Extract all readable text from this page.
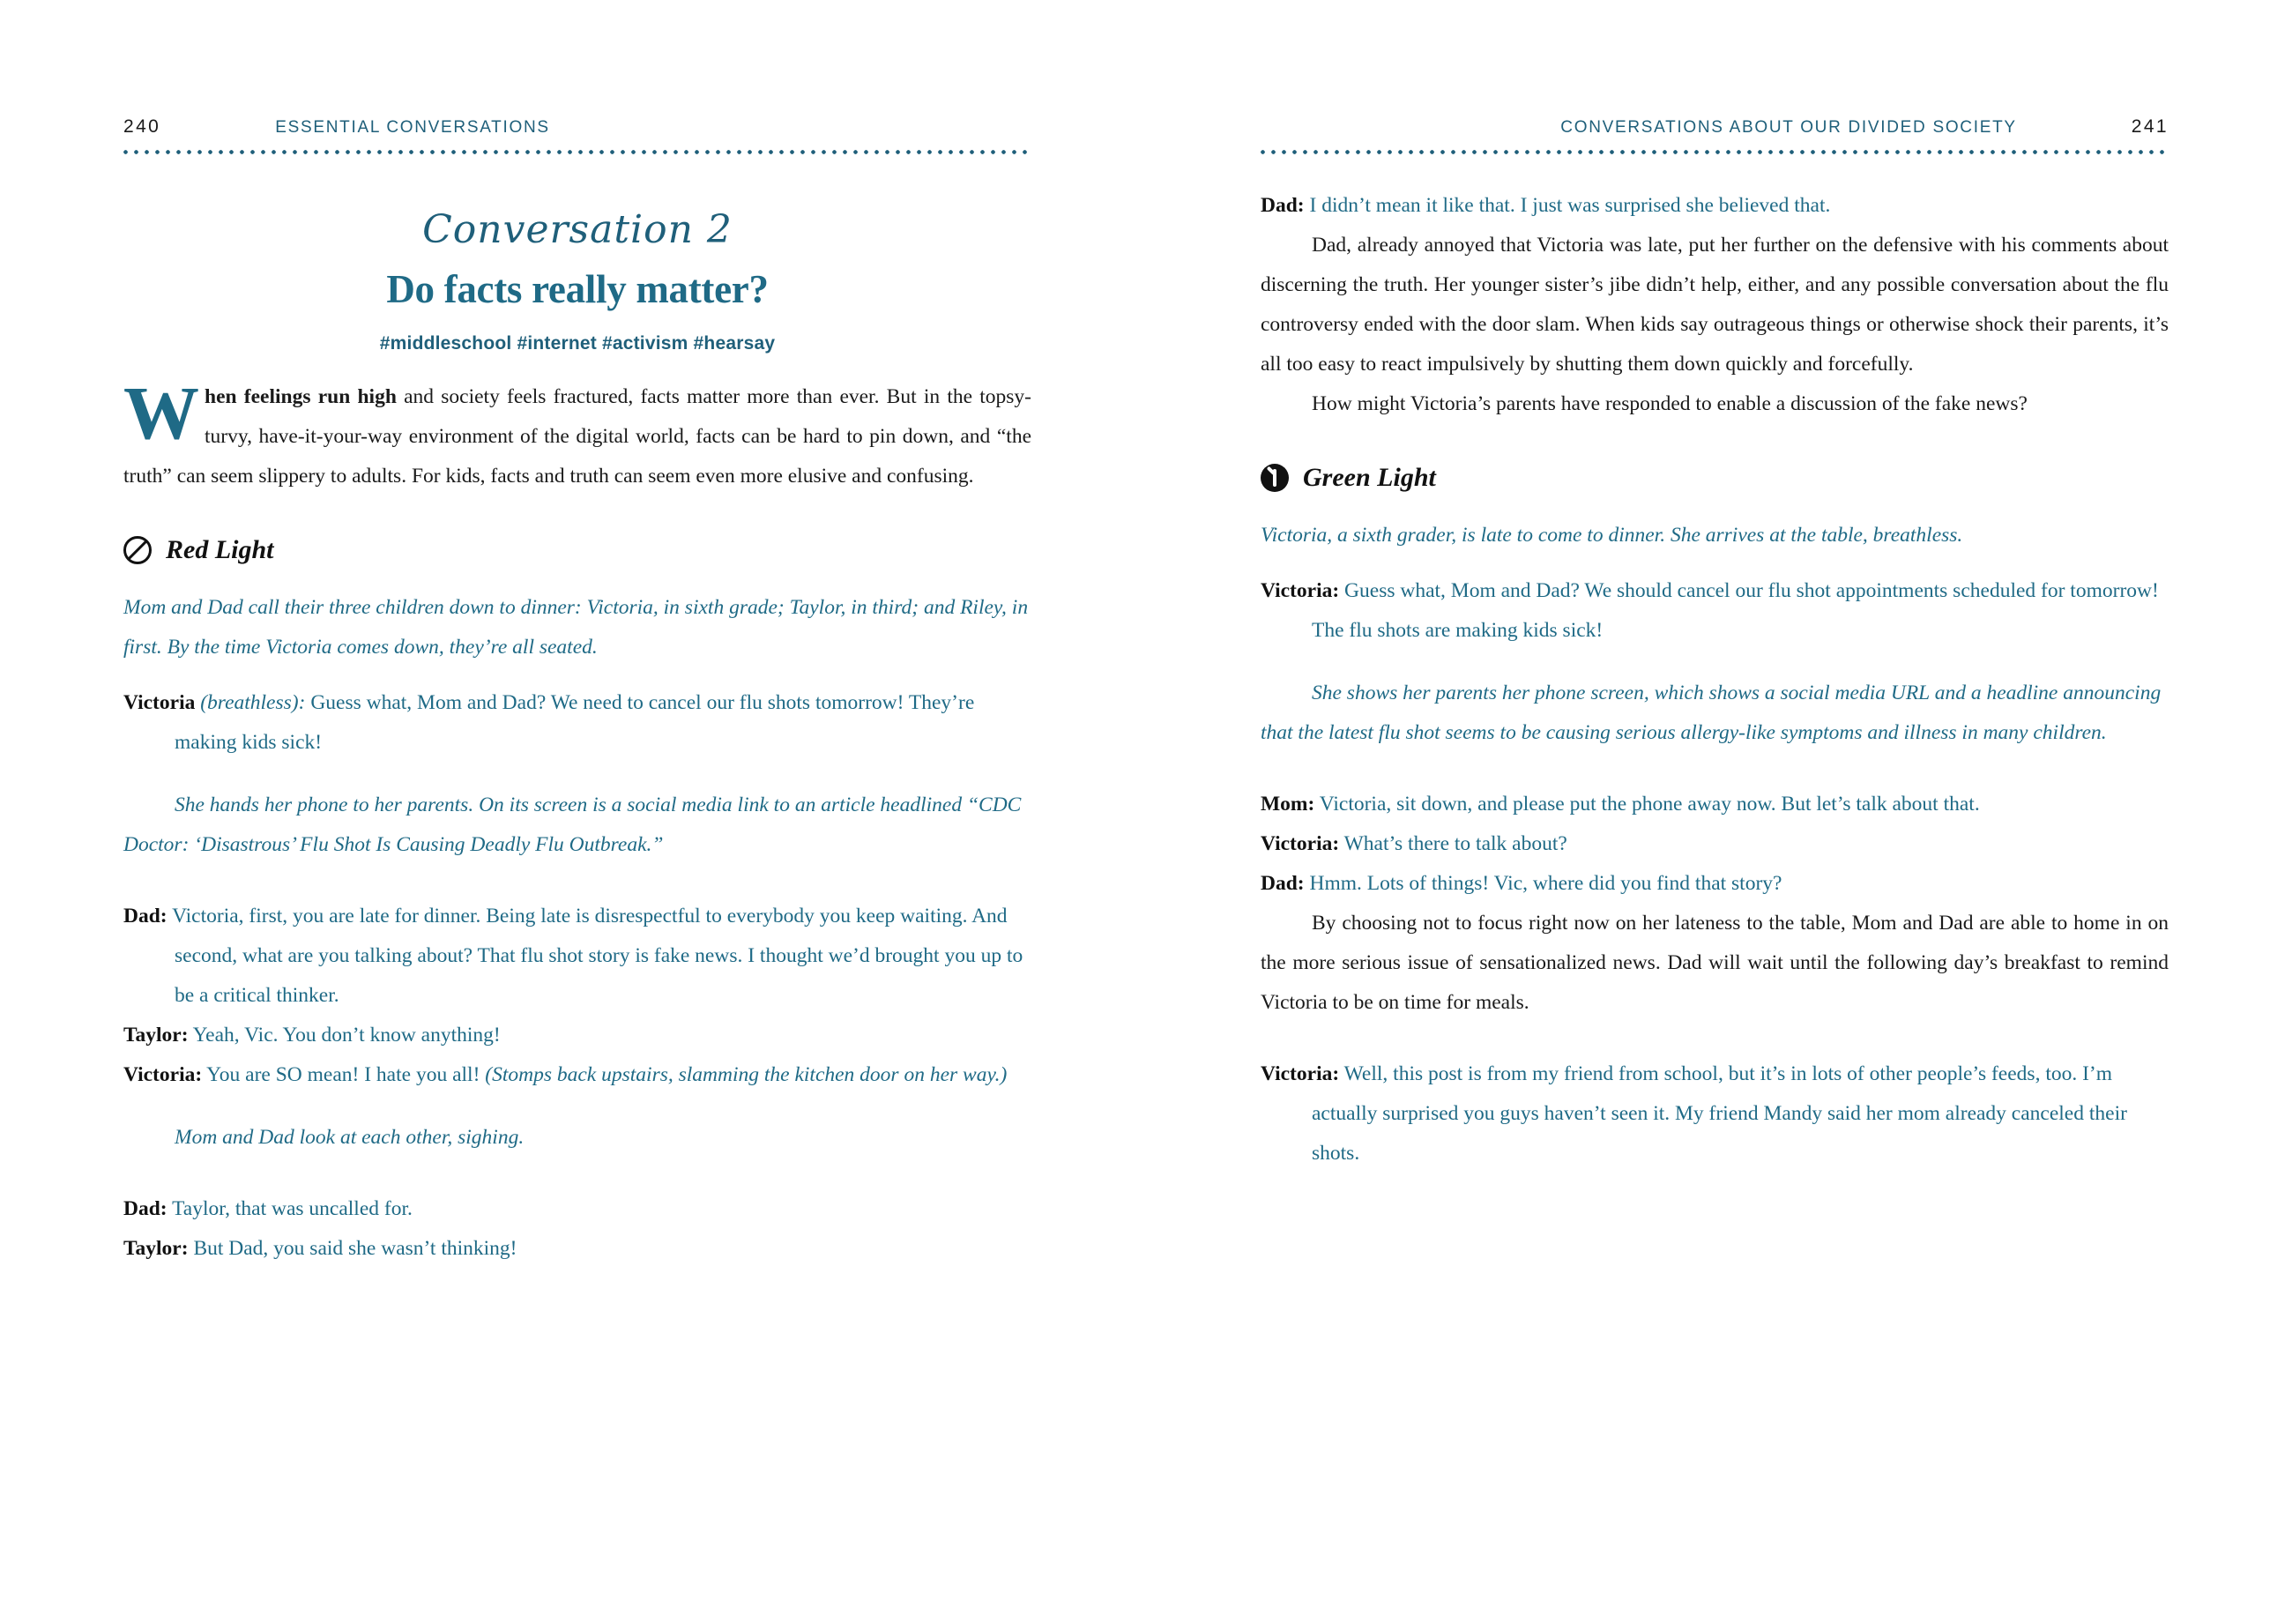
240	ESSENTIAL CONVERSATIONS
Conversation 2
Do facts really matter?
#middleschool #internet #activism #hearsay

When feelings run high and society feels fractured, facts matter more than ever. But in the topsy-turvy, have-it-your-way environment of the digital world, facts can be hard to pin down, and “the truth” can seem slippery to adults. For kids, facts and truth can seem even more elusive and confusing.

Red Light

Mom and Dad call their three children down to dinner: Victoria, in sixth grade; Taylor, in third; and Riley, in first. By the time Victoria comes down, they’re all seated.

Victoria (breathless): Guess what, Mom and Dad? We need to cancel our flu shots tomorrow! They’re making kids sick!

She hands her phone to her parents. On its screen is a social media link to an article headlined “CDC Doctor: ‘Disastrous’ Flu Shot Is Causing Deadly Flu Outbreak.”

Dad: Victoria, first, you are late for dinner. Being late is disrespectful to everybody you keep waiting. And second, what are you talking about? That flu shot story is fake news. I thought we’d brought you up to be a critical thinker.

Taylor: Yeah, Vic. You don’t know anything!

Victoria: You are SO mean! I hate you all! (Stomps back upstairs, slamming the kitchen door on her way.)

Mom and Dad look at each other, sighing.

Dad: Taylor, that was uncalled for.

Taylor: But Dad, you said she wasn’t thinking!

CONVERSATIONS ABOUT OUR DIVIDED SOCIETY	241

Dad: I didn’t mean it like that. I just was surprised she believed that.

Dad, already annoyed that Victoria was late, put her further on the defensive with his comments about discerning the truth. Her younger sister’s jibe didn’t help, either, and any possible conversation about the flu controversy ended with the door slam. When kids say outrageous things or otherwise shock their parents, it’s all too easy to react impulsively by shutting them down quickly and forcefully.

How might Victoria’s parents have responded to enable a discussion of the fake news?

Green Light

Victoria, a sixth grader, is late to come to dinner. She arrives at the table, breathless.

Victoria: Guess what, Mom and Dad? We should cancel our flu shot appointments scheduled for tomorrow! The flu shots are making kids sick!

She shows her parents her phone screen, which shows a social media URL and a headline announcing that the latest flu shot seems to be causing serious allergy-like symptoms and illness in many children.

Mom: Victoria, sit down, and please put the phone away now. But let’s talk about that.

Victoria: What’s there to talk about?

Dad: Hmm. Lots of things! Vic, where did you find that story?

By choosing not to focus right now on her lateness to the table, Mom and Dad are able to home in on the more serious issue of sensationalized news. Dad will wait until the following day’s breakfast to remind Victoria to be on time for meals.

Victoria: Well, this post is from my friend from school, but it’s in lots of other people’s feeds, too. I’m actually surprised you guys haven’t seen it. My friend Mandy said her mom already canceled their shots.
